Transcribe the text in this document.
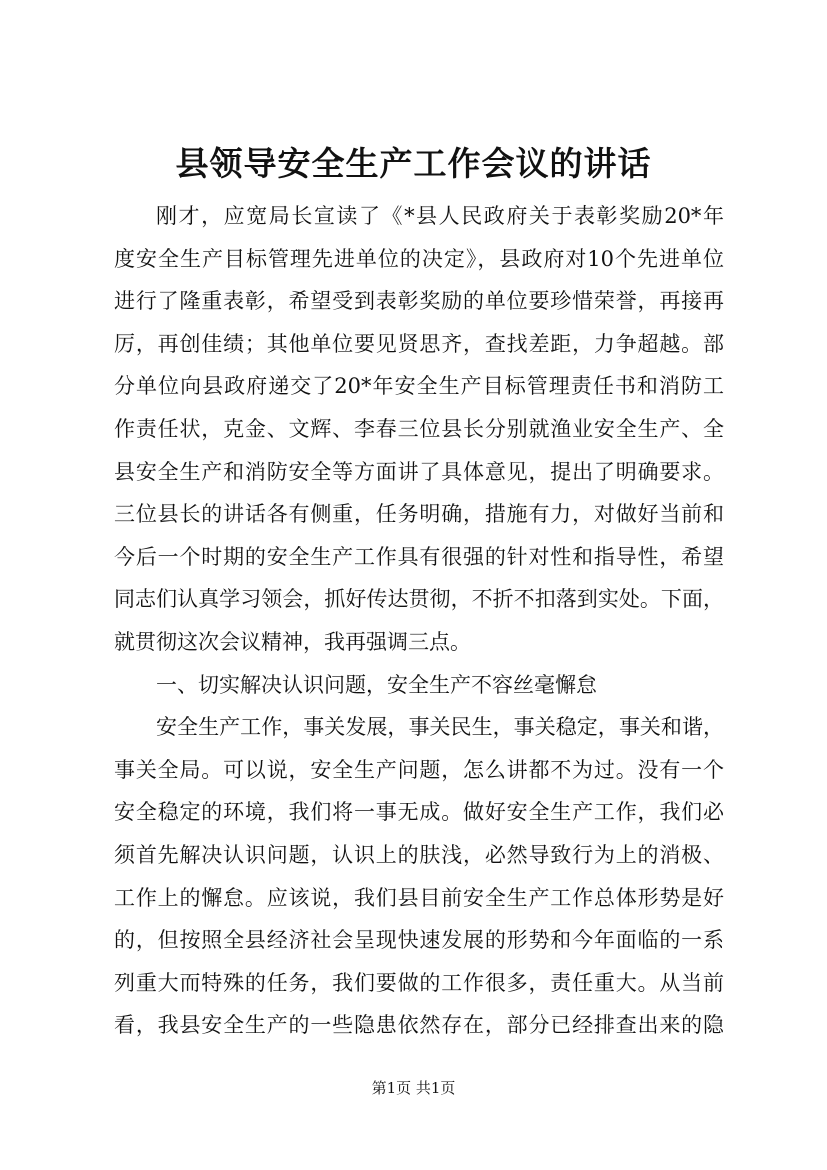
县领导安全生产工作会议的讲话
刚才，应宽局长宣读了《*县人民政府关于表彰奖励20*年
度安全生产目标管理先进单位的决定》，县政府对10个先进单位
进行了隆重表彰，希望受到表彰奖励的单位要珍惜荣誉，再接再
厉，再创佳绩；其他单位要见贤思齐，查找差距，力争超越。部
分单位向县政府递交了20*年安全生产目标管理责任书和消防工
作责任状，克金、文辉、李春三位县长分别就渔业安全生产、全
县安全生产和消防安全等方面讲了具体意见，提出了明确要求。
三位县长的讲话各有侧重，任务明确，措施有力，对做好当前和
今后一个时期的安全生产工作具有很强的针对性和指导性，希望
同志们认真学习领会，抓好传达贯彻，不折不扣落到实处。下面，
就贯彻这次会议精神，我再强调三点。
一、切实解决认识问题，安全生产不容丝毫懈怠
安全生产工作，事关发展，事关民生，事关稳定，事关和谐，
事关全局。可以说，安全生产问题，怎么讲都不为过。没有一个
安全稳定的环境，我们将一事无成。做好安全生产工作，我们必
须首先解决认识问题，认识上的肤浅，必然导致行为上的消极、
工作上的懈怠。应该说，我们县目前安全生产工作总体形势是好
的，但按照全县经济社会呈现快速发展的形势和今年面临的一系
列重大而特殊的任务，我们要做的工作很多，责任重大。从当前
看，我县安全生产的一些隐患依然存在，部分已经排查出来的隐
第1页 共1页
